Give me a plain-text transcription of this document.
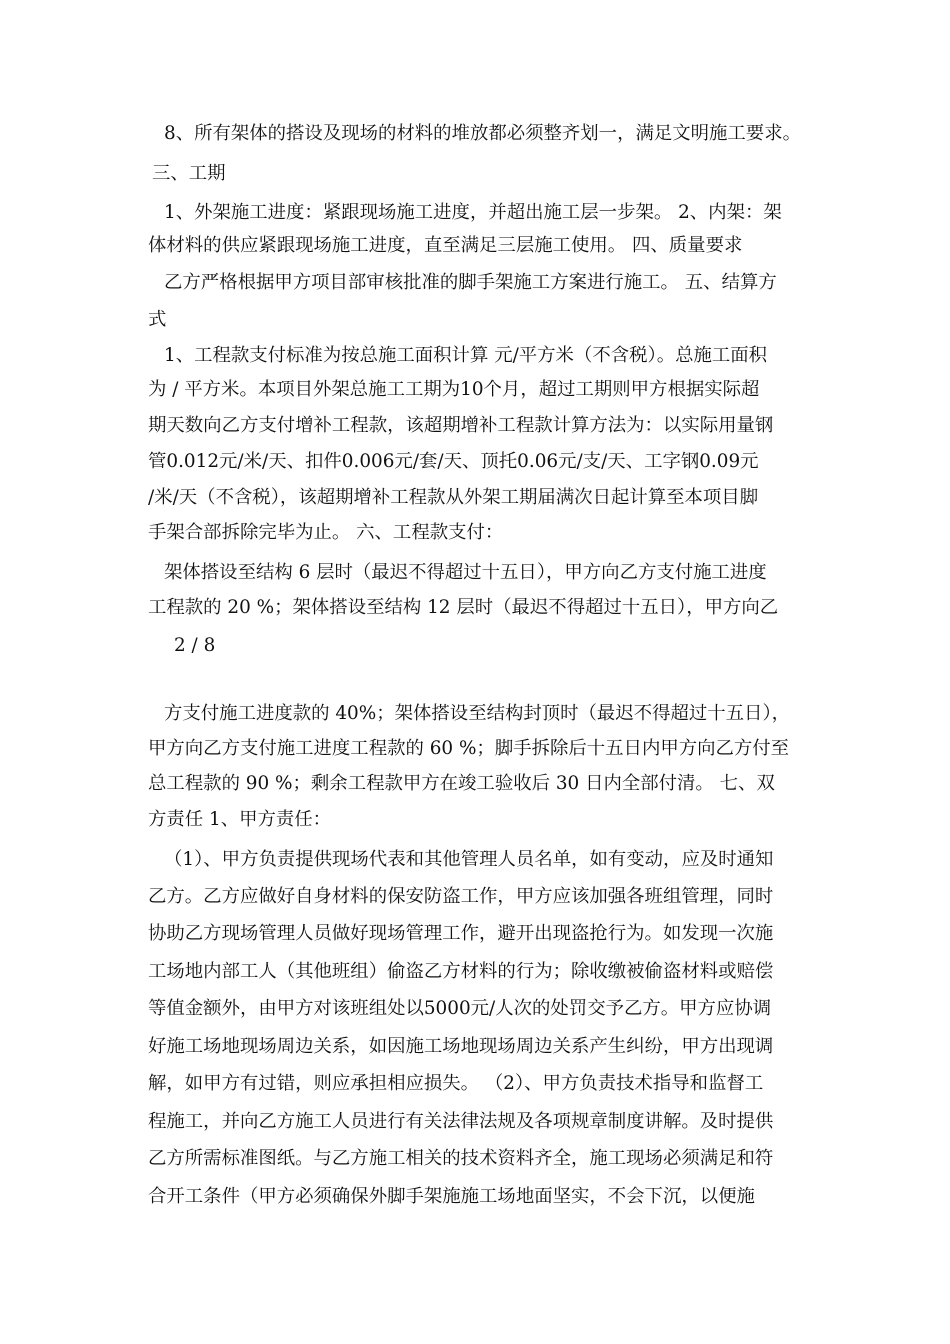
8、所有架体的搭设及现场的材料的堆放都必须整齐划一，满足文明施工要求。

三、工期

1、外架施工进度：紧跟现场施工进度，并超出施工层一步架。 2、内架：架

体材料的供应紧跟现场施工进度，直至满足三层施工使用。 四、质量要求

乙方严格根据甲方项目部审核批准的脚手架施工方案进行施工。 五、结算方

式

1、工程款支付标准为按总施工面积计算 元/平方米（不含税）。总施工面积

为 / 平方米。本项目外架总施工工期为10个月，超过工期则甲方根据实际超

期天数向乙方支付增补工程款，该超期增补工程款计算方法为：以实际用量钢

管0.012元/米/天、扣件0.006元/套/天、顶托0.06元/支/天、工字钢0.09元

/米/天（不含税），该超期增补工程款从外架工期届满次日起计算至本项目脚

手架合部拆除完毕为止。 六、工程款支付：

架体搭设至结构 6 层时（最迟不得超过十五日），甲方向乙方支付施工进度

工程款的 20 %；架体搭设至结构 12 层时（最迟不得超过十五日），甲方向乙

2 / 8

方支付施工进度款的 40%；架体搭设至结构封顶时（最迟不得超过十五日），

甲方向乙方支付施工进度工程款的 60 %；脚手拆除后十五日内甲方向乙方付至

总工程款的 90 %；剩余工程款甲方在竣工验收后 30 日内全部付清。 七、双

方责任 1、甲方责任：

（1）、甲方负责提供现场代表和其他管理人员名单，如有变动，应及时通知

乙方。乙方应做好自身材料的保安防盗工作，甲方应该加强各班组管理，同时

协助乙方现场管理人员做好现场管理工作，避开出现盗抢行为。如发现一次施

工场地内部工人（其他班组）偷盗乙方材料的行为；除收缴被偷盗材料或赔偿

等值金额外，由甲方对该班组处以5000元/人次的处罚交予乙方。甲方应协调

好施工场地现场周边关系，如因施工场地现场周边关系产生纠纷，甲方出现调

解，如甲方有过错，则应承担相应损失。 （2）、甲方负责技术指导和监督工

程施工，并向乙方施工人员进行有关法律法规及各项规章制度讲解。及时提供

乙方所需标准图纸。与乙方施工相关的技术资料齐全，施工现场必须满足和符

合开工条件（甲方必须确保外脚手架施施工场地面坚实，不会下沉，以便施
